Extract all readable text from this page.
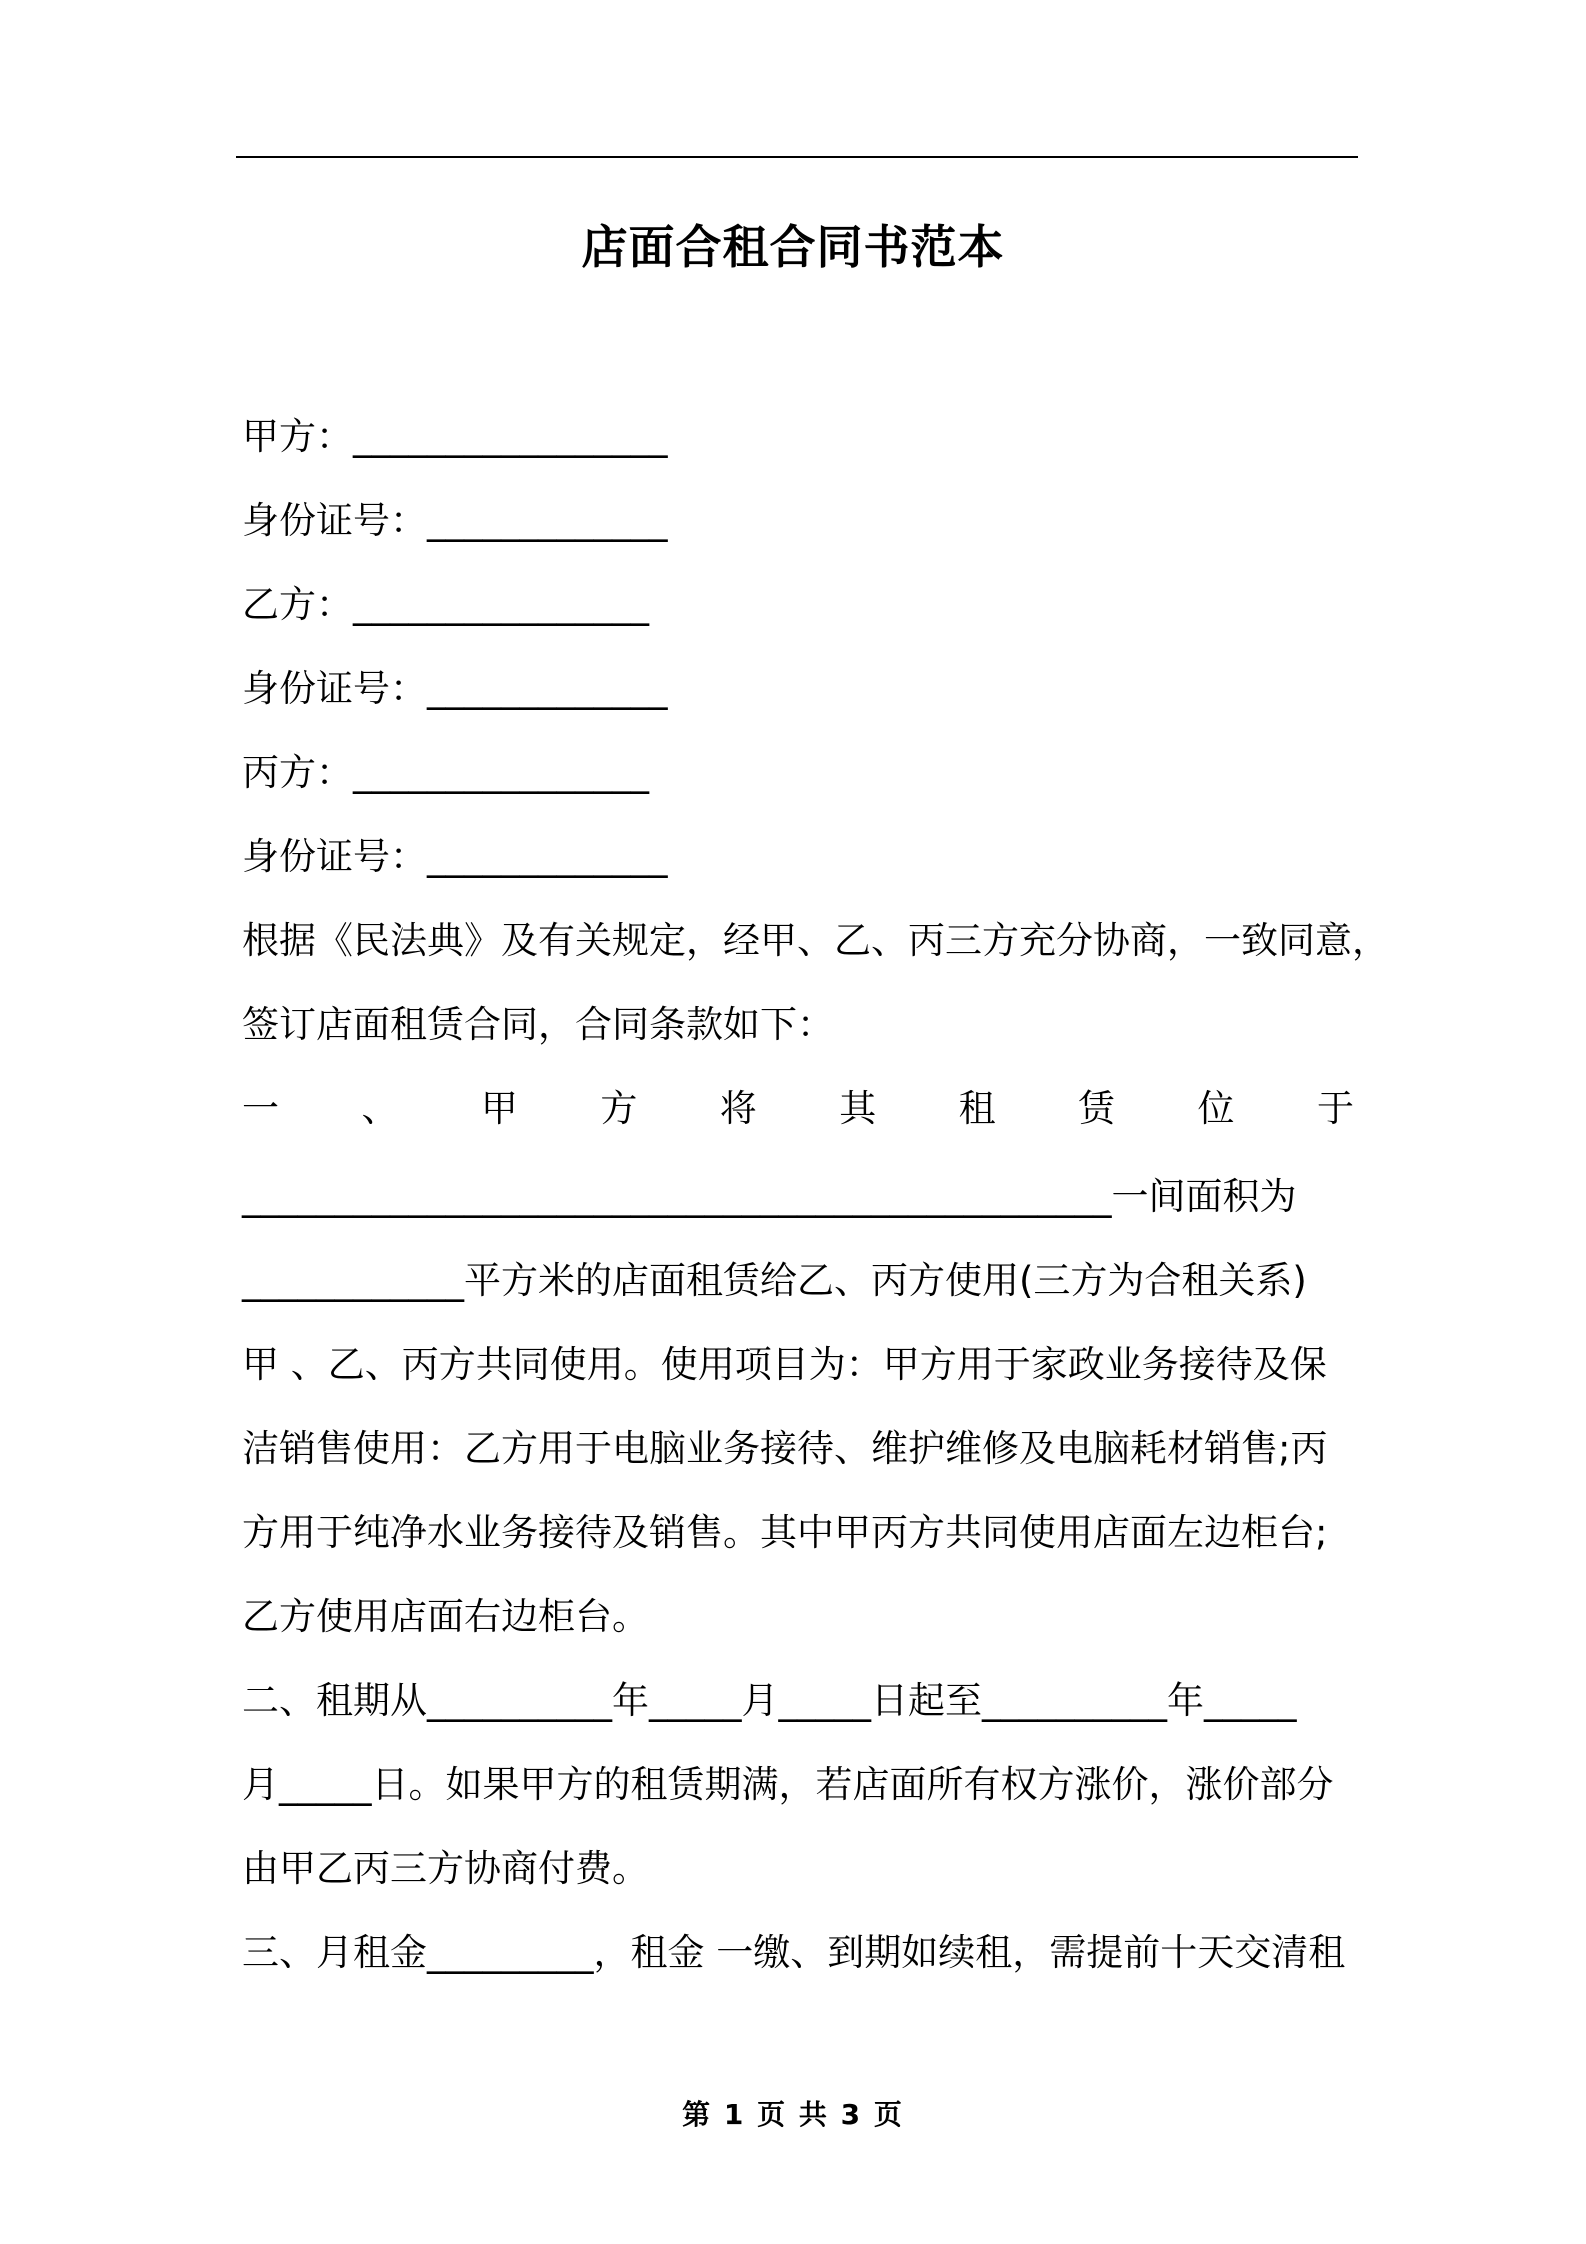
店面合租合同书范本
甲方：_________________
身份证号：_____________
乙方：________________
身份证号：_____________
丙方：________________
身份证号：_____________
根据《民法典》及有关规定，经甲、乙、丙三方充分协商，一致同意，
签订店面租赁合同，合同条款如下：
一 、 甲 方 将 其 租 赁 位 于
_______________________________________________一间面积为
____________平方米的店面租赁给乙、丙方使用(三方为合租关系)
甲 、乙、丙方共同使用。使用项目为：甲方用于家政业务接待及保
洁销售使用：乙方用于电脑业务接待、维护维修及电脑耗材销售;丙
方用于纯净水业务接待及销售。其中甲丙方共同使用店面左边柜台;
乙方使用店面右边柜台。
二、租期从__________年_____月_____日起至__________年_____
月_____日。如果甲方的租赁期满，若店面所有权方涨价，涨价部分
由甲乙丙三方协商付费。
三、月租金_________，租金 一缴、到期如续租，需提前十天交清租
第 1 页 共 3 页
